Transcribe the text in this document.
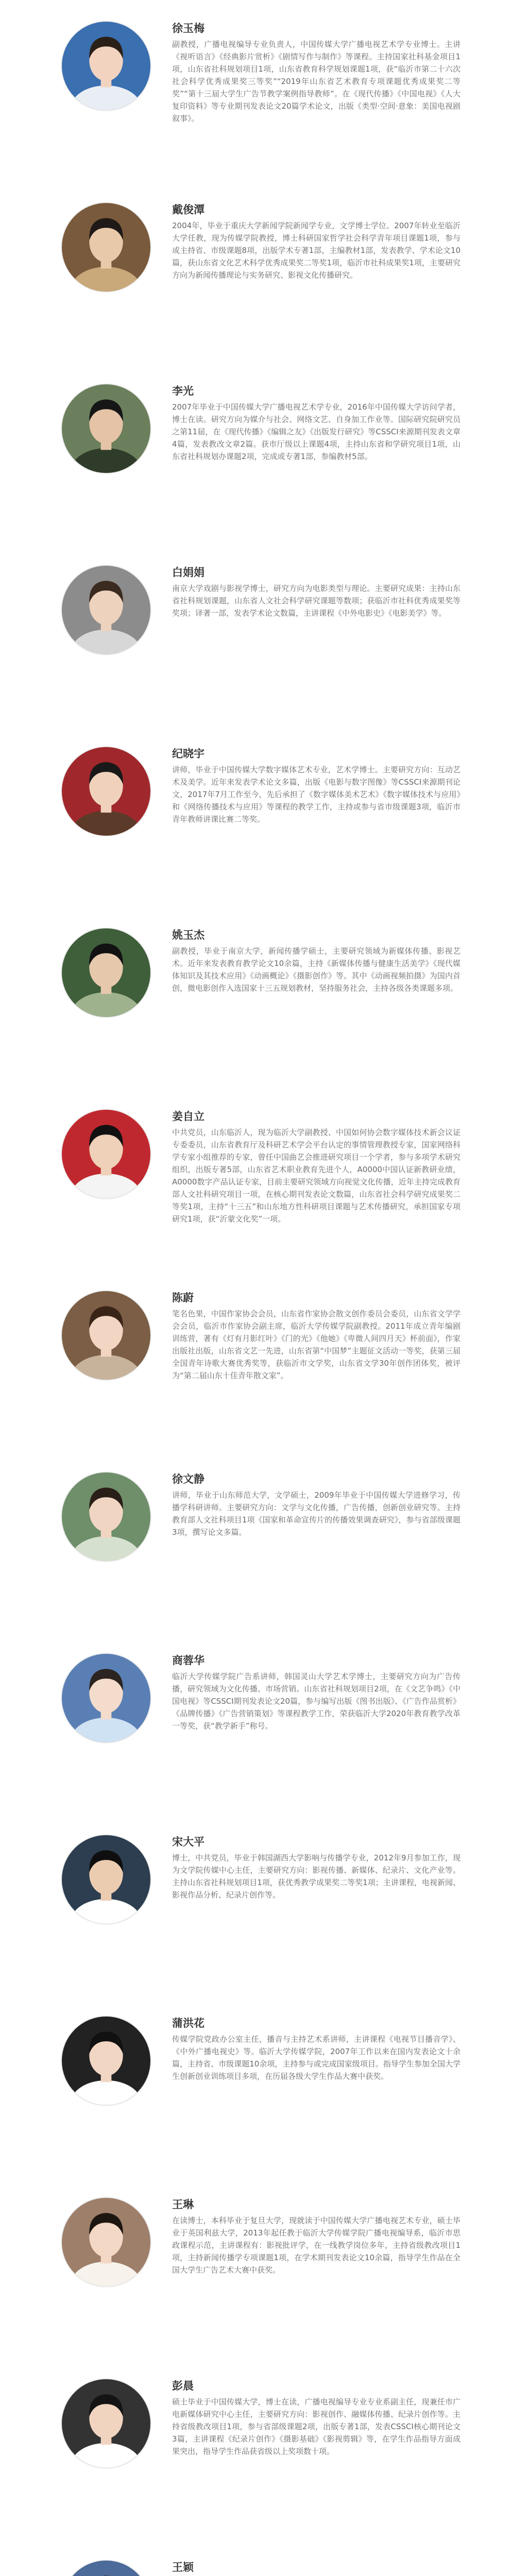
徐玉梅
副教授，广播电视编导专业负责人，中国传媒大学广播电视艺术学专业博士。主讲《视听语言》《经典影片赏析》《剧情写作与制作》等课程。主持国家社科基金项目1项，山东省社科规划项目1项，山东省教育科学规划课题1项，获“临沂市第二十六次社会科学优秀成果奖三等奖”“2019年山东省艺术教育专项课题优秀成果奖二等奖”“第十三届大学生广告节教学案例指导教师”。在《现代传播》《中国电视》《人大复印资料》等专业期刊发表论文20篇学术论文，出版《类型·空间·意象：美国电视剧叙事》。
戴俊潭
2004年，毕业于重庆大学新闻学院新闻学专业，文学博士学位。2007年转业至临沂大学任教，现为传媒学院教授，博士科研国家哲学社会科学青年项目课题1项，参与或主持省、市级课题8项，出版学术专著1部，主编教材1部，发表教学、学术论文10篇，获山东省文化艺术科学优秀成果奖二等奖1项，临沂市社科成果奖1项，主要研究方向为新闻传播理论与实务研究、影视文化传播研究。
李光
2007年毕业于中国传媒大学广播电视艺术学专业，2016年中国传媒大学访问学者，博士在读。研究方向为媒介与社会、网络文艺、自身加工作业等。国际研究院研究员之第11届，在《现代传播》《编辑之友》《出版发行研究》等CSSCI来源期刊发表文章4篇，发表教改文章2篇。获市厅级以上课题4项，主持山东省和学研究项目1项，山东省社科规划办课题2项，完成或专著1部，参编教材5部。
白娟娟
南京大学戏剧与影视学博士，研究方向为电影类型与理论。主要研究成果：主持山东省社科规划课题，山东省人文社会科学研究课题等数项；获临沂市社科优秀成果奖等奖项；译著一部，发表学术论文数篇，主讲课程《中外电影史》《电影美学》等。
纪晓宇
讲师，毕业于中国传媒大学数字媒体艺术专业，艺术学博士。主要研究方向：互动艺术及美学。近年来发表学术论文多篇，出版《电影与数字图像》等CSSCI来源期刊论文，2017年7月工作至今，先后承担了《数字媒体美术艺术》《数字媒体技术与应用》和《网络传播技术与应用》等课程的教学工作，主持或参与省市级课题3项，临沂市青年教师讲课比赛二等奖。
姚玉杰
副教授，毕业于南京大学，新闻传播学硕士，主要研究领域为新媒体传播、影视艺术。近年来发表教育教学论文10余篇，主持《新媒体传播与健康生活美学》《现代媒体知识及其技术应用》《动画概论》《摄影创作》等。其中《动画视频拍摄》为国内首创，微电影创作入选国家十三五规划教材，坚持服务社会，主持各级各类课题多项。
姜自立
中共党员，山东临沂人，现为临沂大学副教授、中国如何协会数字媒体技术新会议证专委委员，山东省教育厅及科研艺术学会平台认定的事情管理教授专家，国家网络科学专家小组推荐的专家，曾任中国曲艺会推进研究项目一个学者，参与多项学术研究组织，出版专著5部，山东省艺术职业教育先进个人，A0000中国认证新教研业绩，A0000数字产品认证专家，目前主要研究领域方向视觉文化传播，近年主持完成教育部人文社科研究项目一项，在核心期刊发表论文数篇，山东省社会科学研究成果奖二等奖1项，主持“十三五”和山东地方性科研项目课题与艺术传播研究，承担国家专项研究1项，获“沂蒙文化奖”一项。
陈蔚
笔名色果，中国作家协会会员，山东省作家协会散文创作委员会委员，山东省文学学会会员，临沂市作家协会副主席，临沂大学传媒学院副教授。2011年成立青年编剧训练营，著有《灯有月影红叶》《门的光》《他她》《卑微人间四月天》杯前面》，作家出版社出版，山东省文艺一先进，山东省第“中国梦”主题征文活动一等奖，获第三届全国青年诗歌大赛优秀奖等，获临沂市文学奖，山东省文学30年创作团体奖，被评为“第二届山东十佳青年散文家”。
徐文静
讲师，毕业于山东师范大学，文学硕士，2009年毕业于中国传媒大学进修学习，传播学科研讲师。主要研究方向：文学与文化传播，广告传播，创新创业研究等。主持教育部人文社科项目1项《国家和革命宣传片的传播效果调查研究》，参与省部级课题3项，撰写论文多篇。
商蓉华
临沂大学传媒学院广告系讲师，韩国灵山大学艺术学博士，主要研究方向为广告传播，研究领域为文化传播、市场营销。山东省社科规划项目2项，在《文艺争鸣》《中国电视》等CSSCI期刊发表论文20篇，参与编写出版《图书出版》、《广告作品赏析》《品牌传播》《广告营销策划》等课程教学工作，荣获临沂大学2020年教育教学改革一等奖，获“教学新手”称号。
宋大平
博士，中共党员，毕业于韩国湖西大学影响与传播学专业，2012年9月参加工作，现为文学院传媒中心主任，主要研究方向：影视传播、新媒体、纪录片、文化产业等。主持山东省社科规划项目1项，获优秀教学成果奖二等奖1项；主讲课程，电视新闻、影视作品分析、纪录片创作等。
蒲洪花
传媒学院党政办公室主任，播音与主持艺术系讲师，主讲课程《电视节目播音学》、《中外广播电视史》等。临沂大学传媒学院，2007年工作以来在国内发表论文十余篇，主持省、市级课题10余项，主持参与或完成国家级项目。指导学生参加全国大学生创新创业训练项目多项，在历届各级大学生作品大赛中获奖。
王琳
在读博士，本科毕业于复旦大学，现就读于中国传媒大学广播电视艺术专业，硕士毕业于英国利兹大学，2013年起任教于临沂大学传媒学院广播电视编导系，临沂市思政课程示范，主讲课程有：影视批评学，在一线教学岗位多年，主持省级教改项目1项，主持新闻传播学专项课题1项，在学术期刊发表论文10余篇，指导学生作品在全国大学生广告艺术大赛中获奖。
彭晨
硕士毕业于中国传媒大学，博士在读，广播电视编导专业专业系副主任，现兼任市广电新媒体研究中心主任，主要研究方向：影视创作、融媒体传播、纪录片创作等。主持省级教改项目1项，参与省部级课题2项，出版专著1部，发表CSSCI核心期刊论文3篇，主讲课程《纪录片创作》《摄影基础》《影视剪辑》等，在学生作品指导方面成果突出，指导学生作品获省级以上奖项数十项。
王颖
